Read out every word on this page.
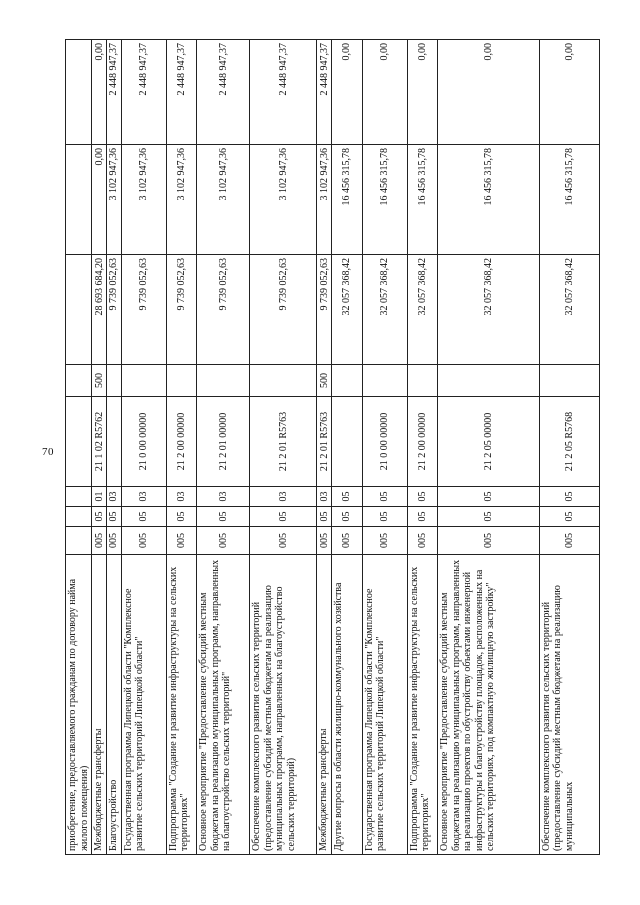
70
приобретение, предоставляемого гражданам по договору найма жилого помещения)								
Межбюджетные трансферты	005	05	01	21 1 02 R5762	500	28 693 684,20	0,00	0,00
Благоустройство	005	05	03			9 739 052,63	3 102 947,36	2 448 947,37
Государственная программа Липецкой области "Комплексное развитие сельских территорий Липецкой области"	005	05	03	21 0 00 00000		9 739 052,63	3 102 947,36	2 448 947,37
Подпрограмма "Создание и развитие инфраструктуры на сельских территориях"	005	05	03	21 2 00 00000		9 739 052,63	3 102 947,36	2 448 947,37
Основное мероприятие "Предоставление субсидий местным бюджетам на реализацию муниципальных программ, направленных на благоустройство сельских территорий"	005	05	03	21 2 01 00000		9 739 052,63	3 102 947,36	2 448 947,37
Обеспечение комплексного развития сельских территорий (предоставление субсидий местным бюджетам на реализацию муниципальных программ, направленных на благоустройство сельских территорий)	005	05	03	21 2 01 R5763		9 739 052,63	3 102 947,36	2 448 947,37
Межбюджетные трансферты	005	05	03	21 2 01 R5763	500	9 739 052,63	3 102 947,36	2 448 947,37
Другие вопросы в области жилищно-коммунального хозяйства	005	05	05			32 057 368,42	16 456 315,78	0,00
Государственная программа Липецкой области "Комплексное развитие сельских территорий Липецкой области"	005	05	05	21 0 00 00000		32 057 368,42	16 456 315,78	0,00
Подпрограмма "Создание и развитие инфраструктуры на сельских территориях"	005	05	05	21 2 00 00000		32 057 368,42	16 456 315,78	0,00
Основное мероприятие "Предоставление субсидий местным бюджетам на реализацию муниципальных программ, направленных на реализацию проектов по обустройству объектами инженерной инфраструктуры и благоустройству площадок, расположенных на сельских территориях, под компактную жилищную застройку"	005	05	05	21 2 05 00000		32 057 368,42	16 456 315,78	0,00
Обеспечение комплексного развития сельских территорий (предоставление субсидий местным бюджетам на реализацию муниципальных	005	05	05	21 2 05 R5768		32 057 368,42	16 456 315,78	0,00
